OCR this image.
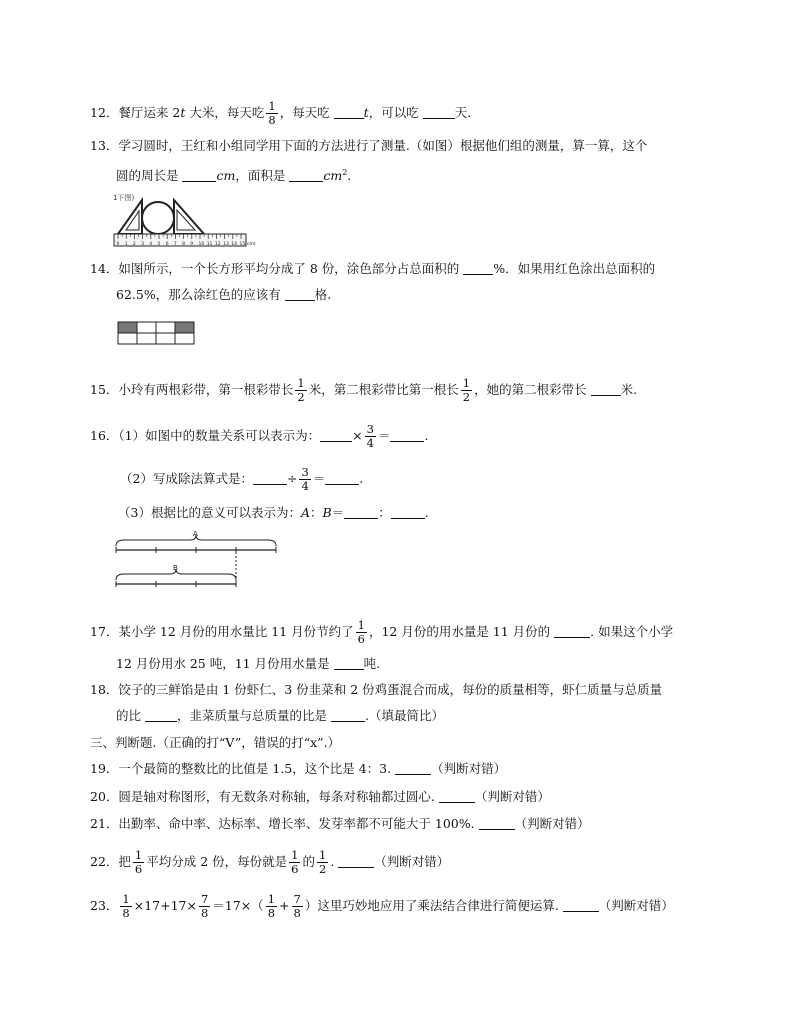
12．餐厅运来 2t 大米，每天吃 $\frac{1}{8}$ ，每天吃 t，可以吃	天.
13．学习圆时，王红和小组同学用下面的方法进行了测量.（如图）根据他们组的测量，算一算，这个
圆的周长是	cm，面积是	$cm^2$.
1下图)
0 1 2 3 4 5 6 7 8 9 10 11 12 13 14 15(cm)
14．如图所示，一个长方形平均分成了 8 份，涂色部分占总面积的 %．如果用红色涂出总面积的
62.5%，那么涂红色的应该有 格.
15．小玲有两根彩带，第一根彩带长 $\frac{1}{2}$ 米，第二根彩带比第一根长 $\frac{1}{2}$ ，她的第二根彩带长 米.
16．（1）如图中的数量关系可以表示为：	× $\frac{3}{4}$ ＝	.
（2）写成除法算式是：	÷ $\frac{3}{4}$ ＝	.
（3）根据比的意义可以表示为：A：B＝	：	.
A
B
17．某小学 12 月份的用水量比 11 月份节约了 $\frac{1}{6}$ ，12 月份的用水量是 11 月份的	. 如果这个小学
12 月份用水 25 吨，11 月份用水量是 吨.
18．饺子的三鲜馅是由 1 份虾仁、3 份韭菜和 2 份鸡蛋混合而成，每份的质量相等，虾仁质量与总质量
的比	，韭菜质量与总质量的比是	.（填最简比）
三、判断题.（正确的打“V”，错误的打“x”.）
19．一个最简的整数比的比值是 1.5，这个比是 4：3.	（判断对错）
20．圆是轴对称图形，有无数条对称轴，每条对称轴都过圆心.	（判断对错）
21．出勤率、命中率、达标率、增长率、发芽率都不可能大于 100%.	（判断对错）
22．把 $\frac{1}{6}$ 平均分成 2 份，每份就是 $\frac{1}{6}$ 的 $\frac{1}{2}$ .	（判断对错）
23． $\frac{1}{8} \times 17+17\times \frac{7}{8} =17\times( \frac{1}{8} + \frac{7}{8}$ ）这里巧妙地应用了乘法结合律进行简便运算.	（判断对错）
